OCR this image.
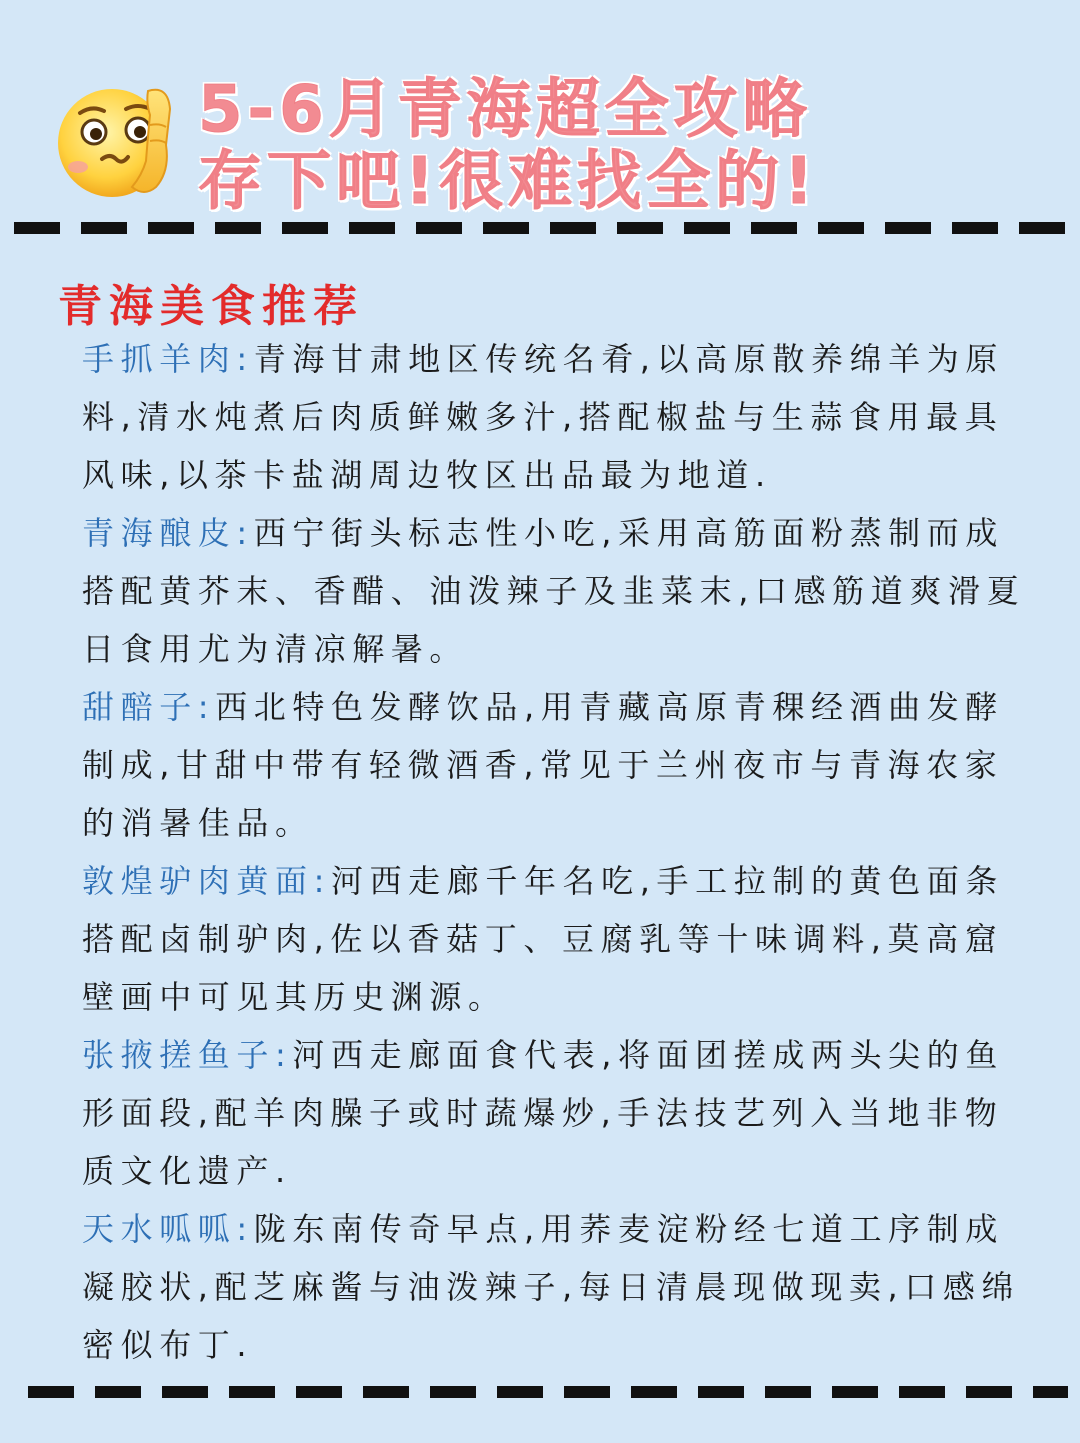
5-6月青海超全攻略
存下吧!很难找全的!
青海美食推荐

手抓羊肉:青海甘肃地区传统名肴,以高原散养绵羊为原料,清水炖煮后肉质鲜嫩多汁,搭配椒盐与生蒜食用最具风味,以茶卡盐湖周边牧区出品最为地道.

青海酿皮:西宁街头标志性小吃,采用高筋面粉蒸制而成搭配黄芥末、香醋、油泼辣子及韭菜末,口感筋道爽滑夏日食用尤为清凉解暑。

甜醅子:西北特色发酵饮品,用青藏高原青稞经酒曲发酵制成,甘甜中带有轻微酒香,常见于兰州夜市与青海农家的消暑佳品。

敦煌驴肉黄面:河西走廊千年名吃,手工拉制的黄色面条搭配卤制驴肉,佐以香菇丁、豆腐乳等十味调料,莫高窟壁画中可见其历史渊源。

张掖搓鱼子:河西走廊面食代表,将面团搓成两头尖的鱼形面段,配羊肉臊子或时蔬爆炒,手法技艺列入当地非物质文化遗产.

天水呱呱:陇东南传奇早点,用荞麦淀粉经七道工序制成凝胶状,配芝麻酱与油泼辣子,每日清晨现做现卖,口感绵密似布丁.
